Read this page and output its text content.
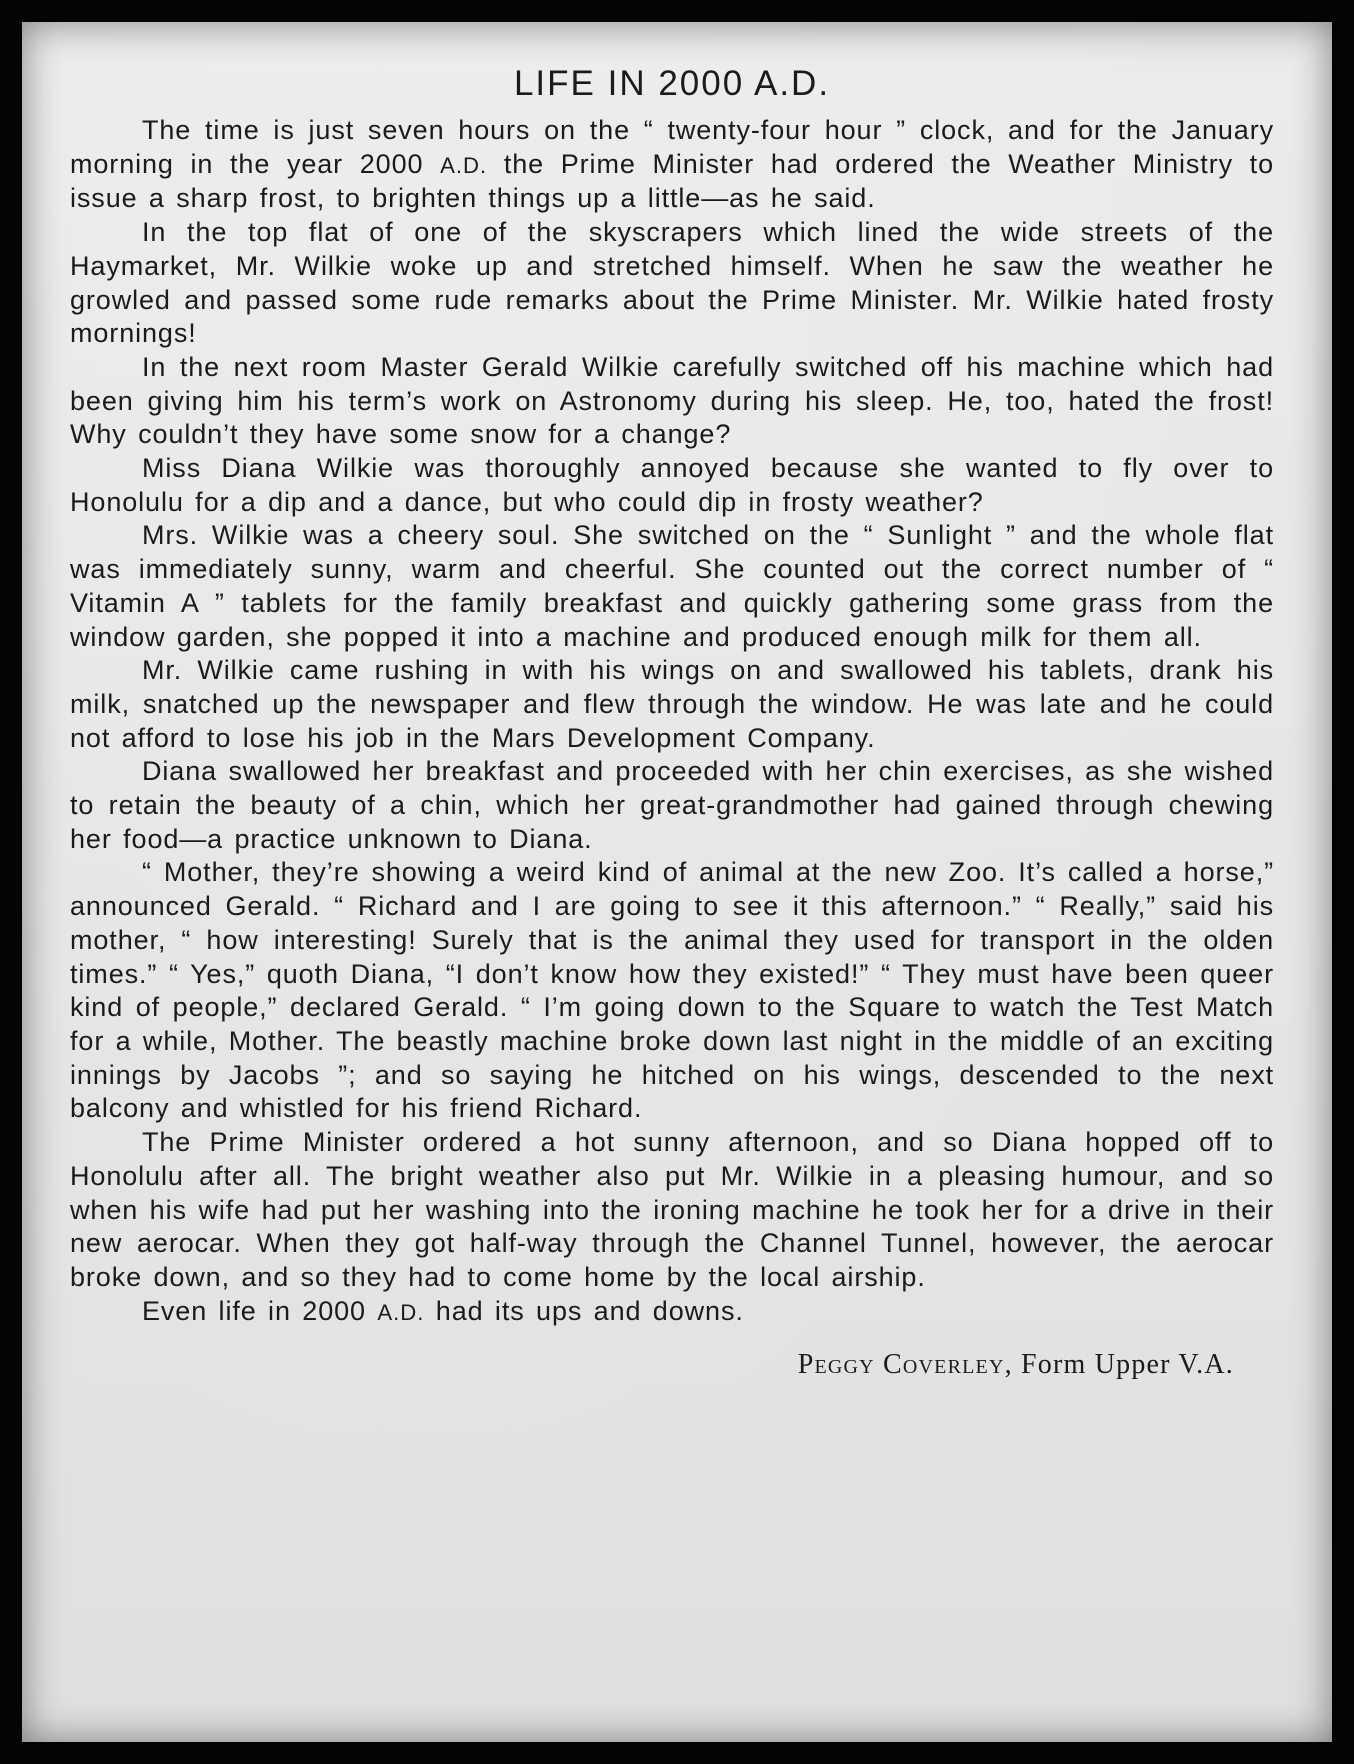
LIFE IN 2000 A.D.

The time is just seven hours on the “ twenty-four hour ” clock, and for the January morning in the year 2000 A.D. the Prime Minister had ordered the Weather Ministry to issue a sharp frost, to brighten things up a little—as he said.

In the top flat of one of the skyscrapers which lined the wide streets of the Haymarket, Mr. Wilkie woke up and stretched himself. When he saw the weather he growled and passed some rude remarks about the Prime Minister. Mr. Wilkie hated frosty mornings!

In the next room Master Gerald Wilkie carefully switched off his machine which had been giving him his term’s work on Astronomy during his sleep. He, too, hated the frost! Why couldn’t they have some snow for a change?

Miss Diana Wilkie was thoroughly annoyed because she wanted to fly over to Honolulu for a dip and a dance, but who could dip in frosty weather?

Mrs. Wilkie was a cheery soul. She switched on the “ Sunlight ” and the whole flat was immediately sunny, warm and cheerful. She counted out the correct number of “ Vitamin A ” tablets for the family breakfast and quickly gathering some grass from the window garden, she popped it into a machine and produced enough milk for them all.

Mr. Wilkie came rushing in with his wings on and swallowed his tablets, drank his milk, snatched up the newspaper and flew through the window. He was late and he could not afford to lose his job in the Mars Development Company.

Diana swallowed her breakfast and proceeded with her chin exercises, as she wished to retain the beauty of a chin, which her great-grandmother had gained through chewing her food—a practice unknown to Diana.

“ Mother, they’re showing a weird kind of animal at the new Zoo. It’s called a horse,” announced Gerald. “ Richard and I are going to see it this afternoon.” “ Really,” said his mother, “ how interesting! Surely that is the animal they used for transport in the olden times.” “ Yes,” quoth Diana, “I don’t know how they existed!” “ They must have been queer kind of people,” declared Gerald. “ I’m going down to the Square to watch the Test Match for a while, Mother. The beastly machine broke down last night in the middle of an exciting innings by Jacobs ”; and so saying he hitched on his wings, descended to the next balcony and whistled for his friend Richard.

The Prime Minister ordered a hot sunny afternoon, and so Diana hopped off to Honolulu after all. The bright weather also put Mr. Wilkie in a pleasing humour, and so when his wife had put her washing into the ironing machine he took her for a drive in their new aerocar. When they got half-way through the Channel Tunnel, however, the aerocar broke down, and so they had to come home by the local airship.

Even life in 2000 A.D. had its ups and downs.

Peggy Coverley, Form Upper V.A.
